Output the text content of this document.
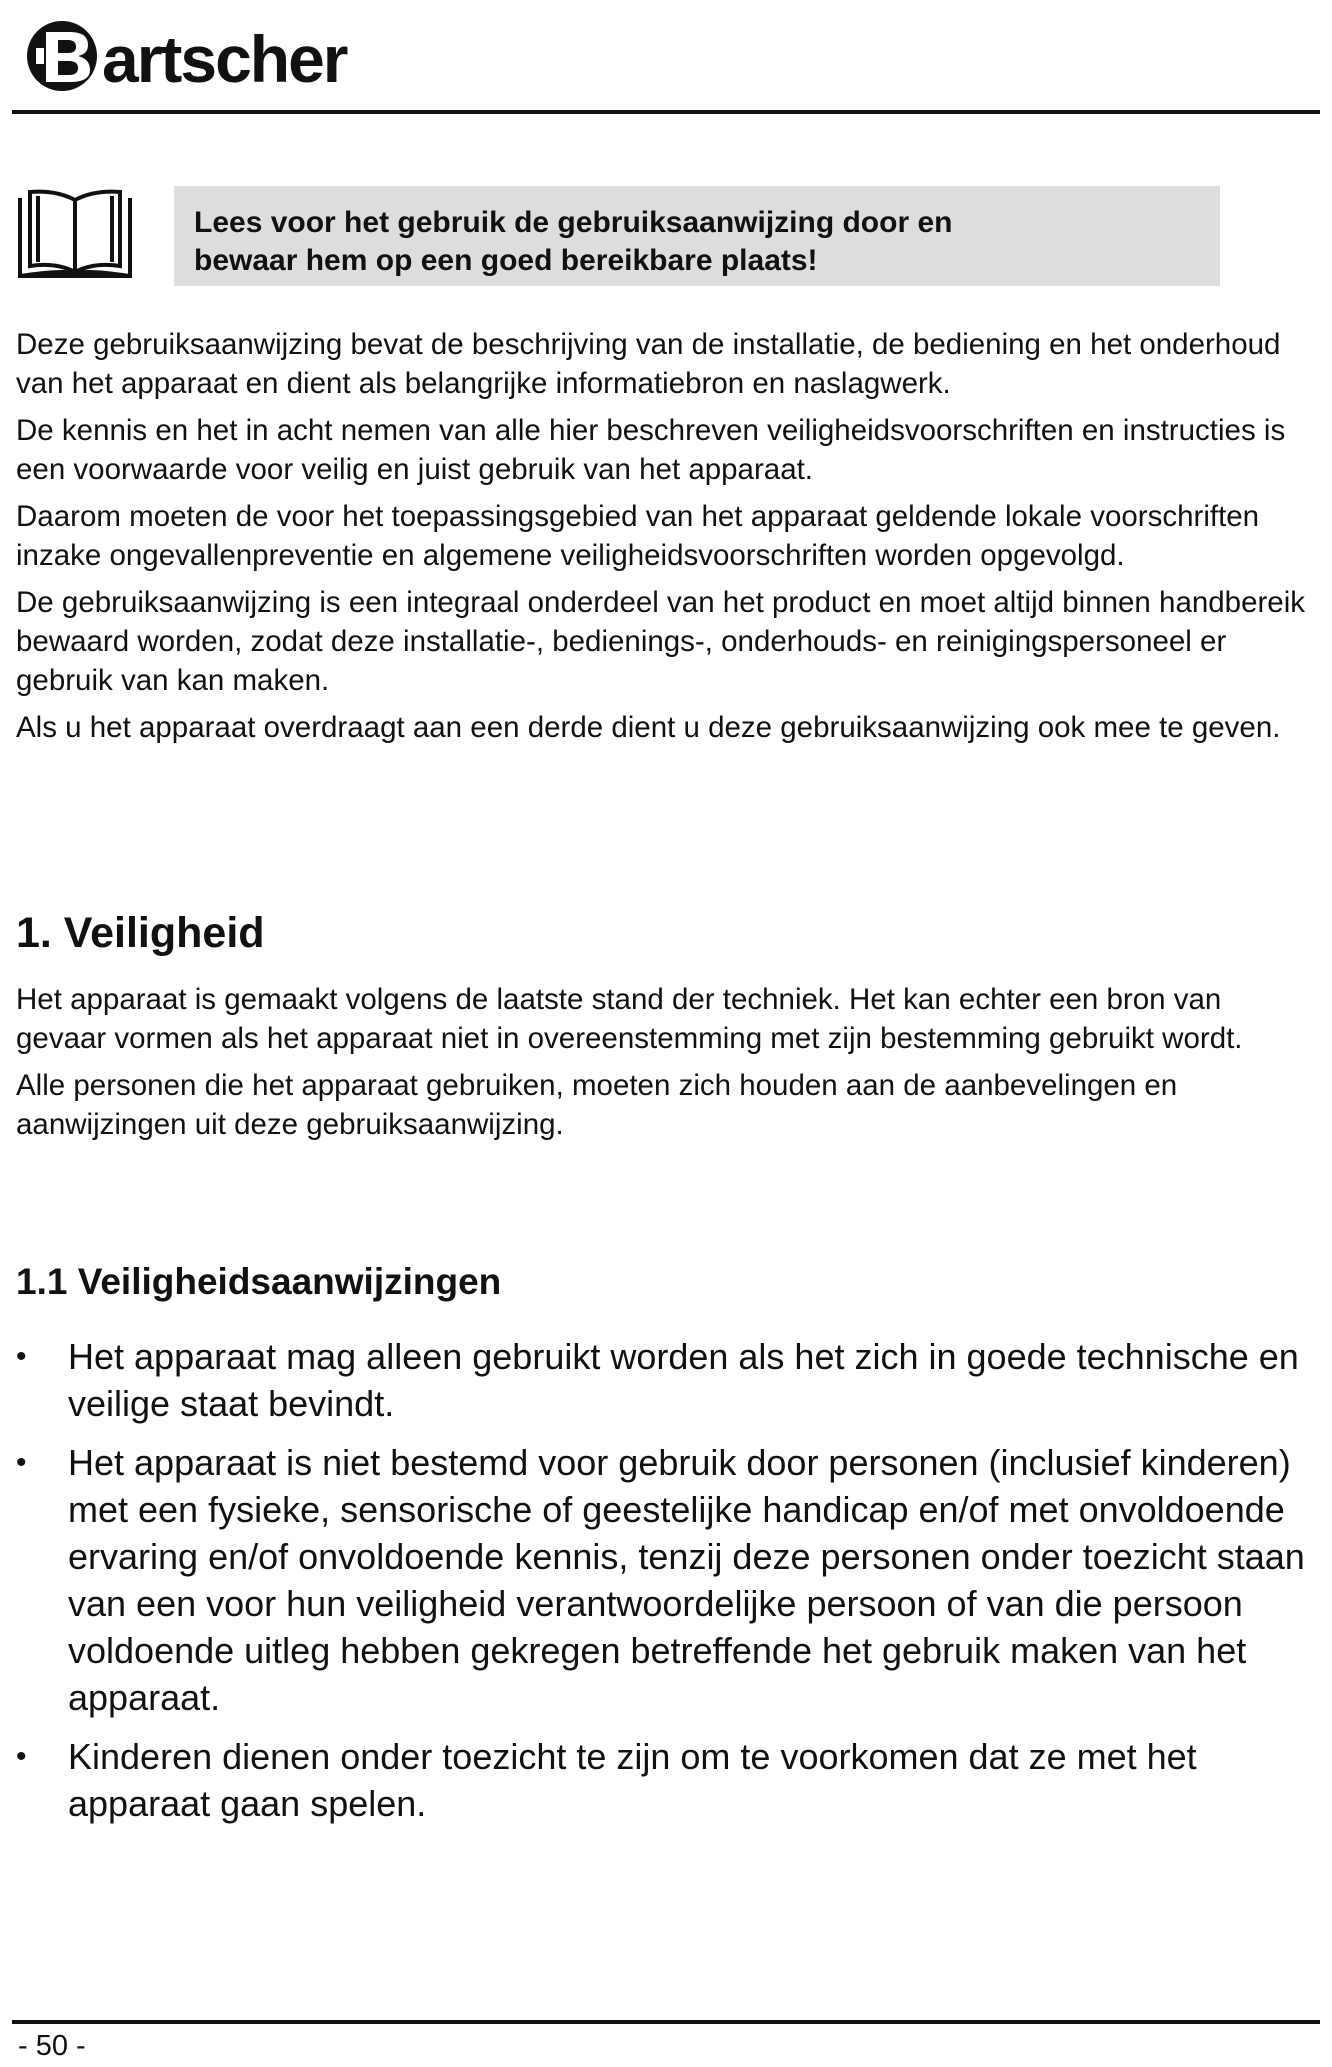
artscher
Lees voor het gebruik de gebruiksaanwijzing door en
bewaar hem op een goed bereikbare plaats!

Deze gebruiksaanwijzing bevat de beschrijving van de installatie, de bediening en het onderhoud van het apparaat en dient als belangrijke informatiebron en naslagwerk.

De kennis en het in acht nemen van alle hier beschreven veiligheidsvoorschriften en instructies is een voorwaarde voor veilig en juist gebruik van het apparaat.

Daarom moeten de voor het toepassingsgebied van het apparaat geldende lokale voorschriften inzake ongevallenpreventie en algemene veiligheidsvoorschriften worden opgevolgd.

De gebruiksaanwijzing is een integraal onderdeel van het product en moet altijd binnen handbereik bewaard worden, zodat deze installatie-, bedienings-, onderhouds- en reinigingspersoneel er gebruik van kan maken.

Als u het apparaat overdraagt aan een derde dient u deze gebruiksaanwijzing ook mee te geven.

1. Veiligheid

Het apparaat is gemaakt volgens de laatste stand der techniek. Het kan echter een bron van gevaar vormen als het apparaat niet in overeenstemming met zijn bestemming gebruikt wordt.

Alle personen die het apparaat gebruiken, moeten zich houden aan de aanbevelingen en aanwijzingen uit deze gebruiksaanwijzing.

1.1 Veiligheidsaanwijzingen
• Het apparaat mag alleen gebruikt worden als het zich in goede technische en veilige staat bevindt.
• Het apparaat is niet bestemd voor gebruik door personen (inclusief kinderen) met een fysieke, sensorische of geestelijke handicap en/of met onvoldoende ervaring en/of onvoldoende kennis, tenzij deze personen onder toezicht staan van een voor hun veiligheid verantwoordelijke persoon of van die persoon voldoende uitleg hebben gekregen betreffende het gebruik maken van het apparaat.
• Kinderen dienen onder toezicht te zijn om te voorkomen dat ze met het apparaat gaan spelen.
- 50 -
